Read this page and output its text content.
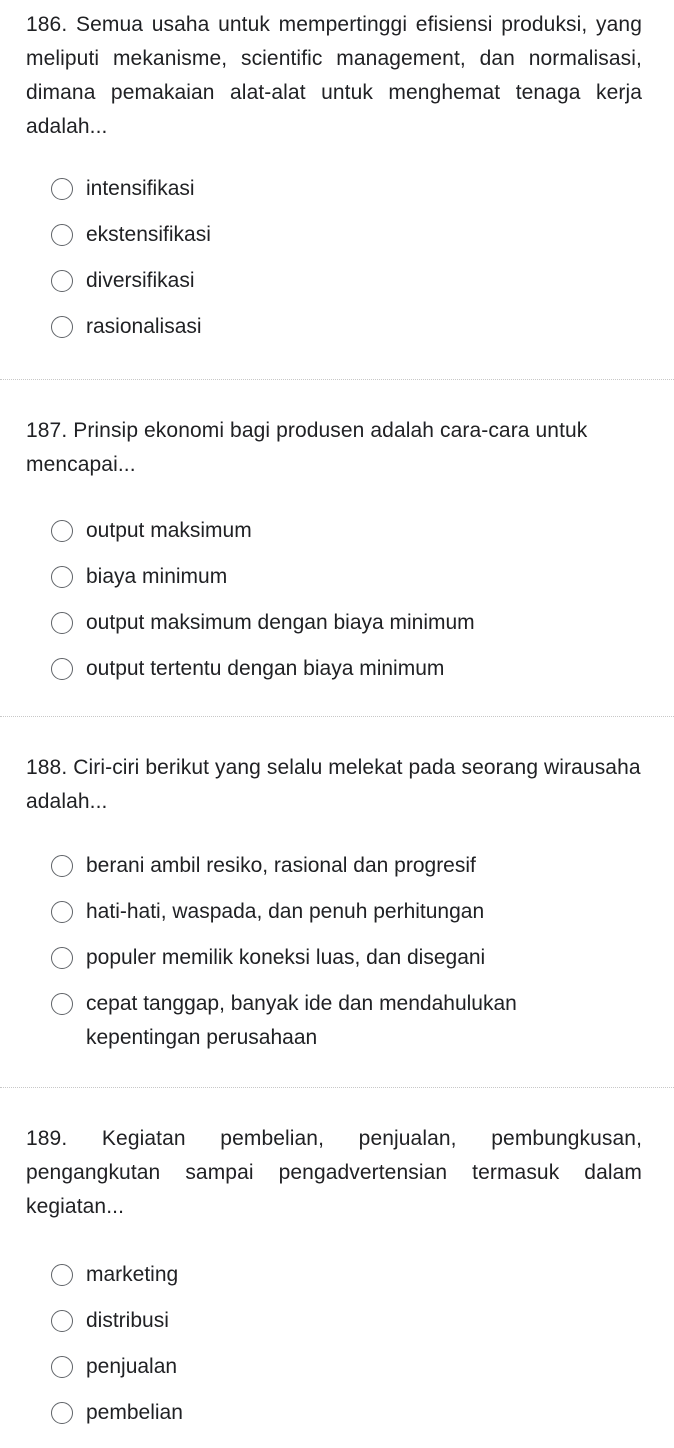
186. Semua usaha untuk mempertinggi efisiensi produksi, yang meliputi mekanisme, scientific management, dan normalisasi, dimana pemakaian alat-alat untuk menghemat tenaga kerja adalah...

intensifikasi
ekstensifikasi
diversifikasi
rasionalisasi

187. Prinsip ekonomi bagi produsen adalah cara-cara untuk mencapai...

output maksimum
biaya minimum
output maksimum dengan biaya minimum
output tertentu dengan biaya minimum

188. Ciri-ciri berikut yang selalu melekat pada seorang wirausaha adalah...

berani ambil resiko, rasional dan progresif
hati-hati, waspada, dan penuh perhitungan
populer memilik koneksi luas, dan disegani
cepat tanggap, banyak ide dan mendahulukan kepentingan perusahaan

189. Kegiatan pembelian, penjualan, pembungkusan, pengangkutan sampai pengadvertensian termasuk dalam kegiatan...

marketing
distribusi
penjualan
pembelian
